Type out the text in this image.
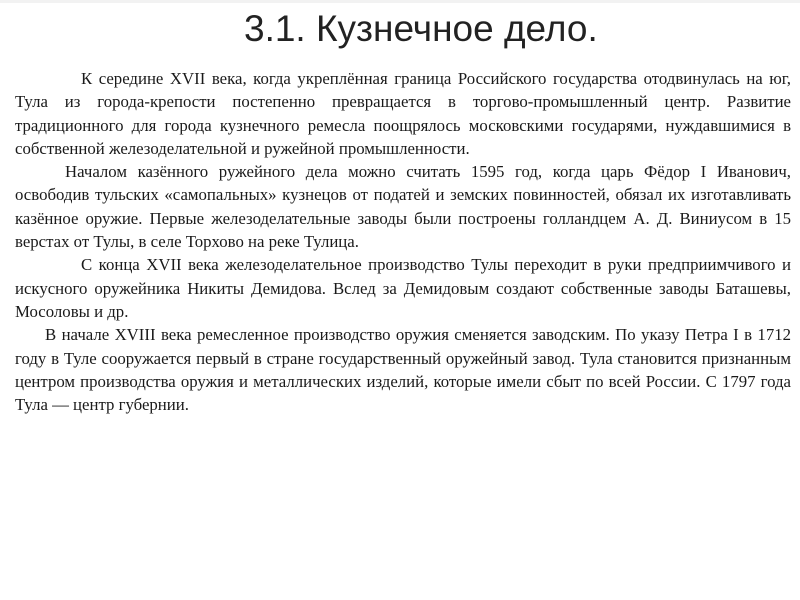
3.1. Кузнечное дело.

К середине XVII века, когда укреплённая граница Российского государства отодвинулась на юг, Тула из города-крепости постепенно превращается в торгово-промышленный центр. Развитие традиционного для города кузнечного ремесла поощрялось московскими государями, нуждавшимися в собственной железоделательной и ружейной промышленности.

Началом казённого ружейного дела можно считать 1595 год, когда царь Фёдор I Иванович, освободив тульских «самопальных» кузнецов от податей и земских повинностей, обязал их изготавливать казённое оружие. Первые железоделательные заводы были построены голландцем А. Д. Виниусом в 15 верстах от Тулы, в селе Торхово на реке Тулица.

С конца XVII века железоделательное производство Тулы переходит в руки предприимчивого и искусного оружейника Никиты Демидова. Вслед за Демидовым создают собственные заводы Баташевы, Мосоловы и др.

В начале XVIII века ремесленное производство оружия сменяется заводским. По указу Петра I в 1712 году в Туле сооружается первый в стране государственный оружейный завод. Тула становится признанным центром производства оружия и металлических изделий, которые имели сбыт по всей России. С 1797 года Тула — центр губернии.
